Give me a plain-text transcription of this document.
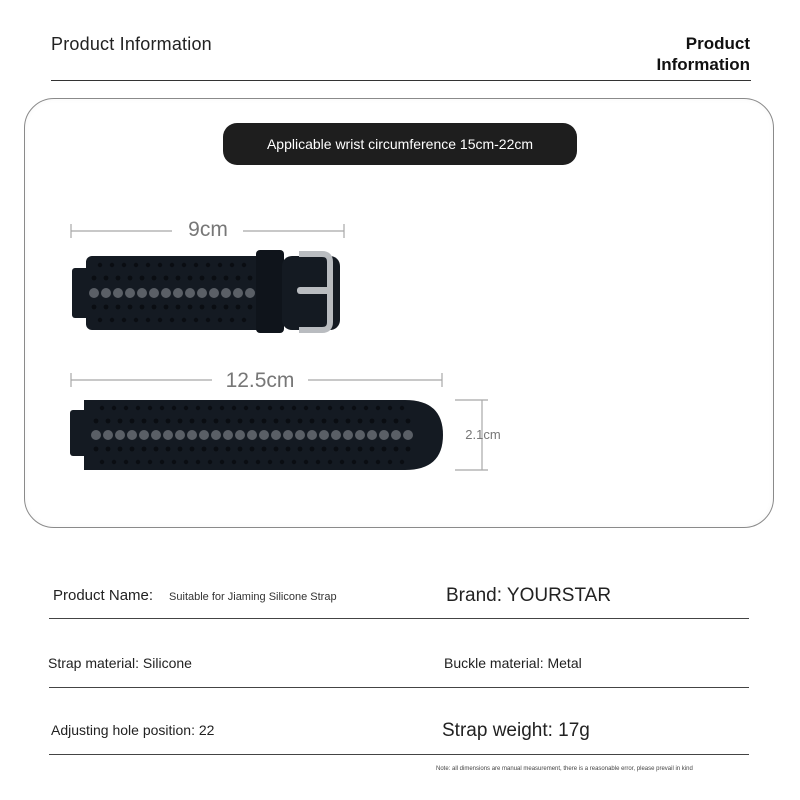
Product Information	Product
Information
Applicable wrist circumference 15cm-22cm
9cm
12.5cm
2.1cm
Product Name: Suitable for Jiaming Silicone Strap	Brand: YOURSTAR
Strap material: Silicone	Buckle material: Metal
Adjusting hole position: 22	Strap weight: 17g
Note: all dimensions are manual measurement, there is a reasonable error, please prevail in kind
